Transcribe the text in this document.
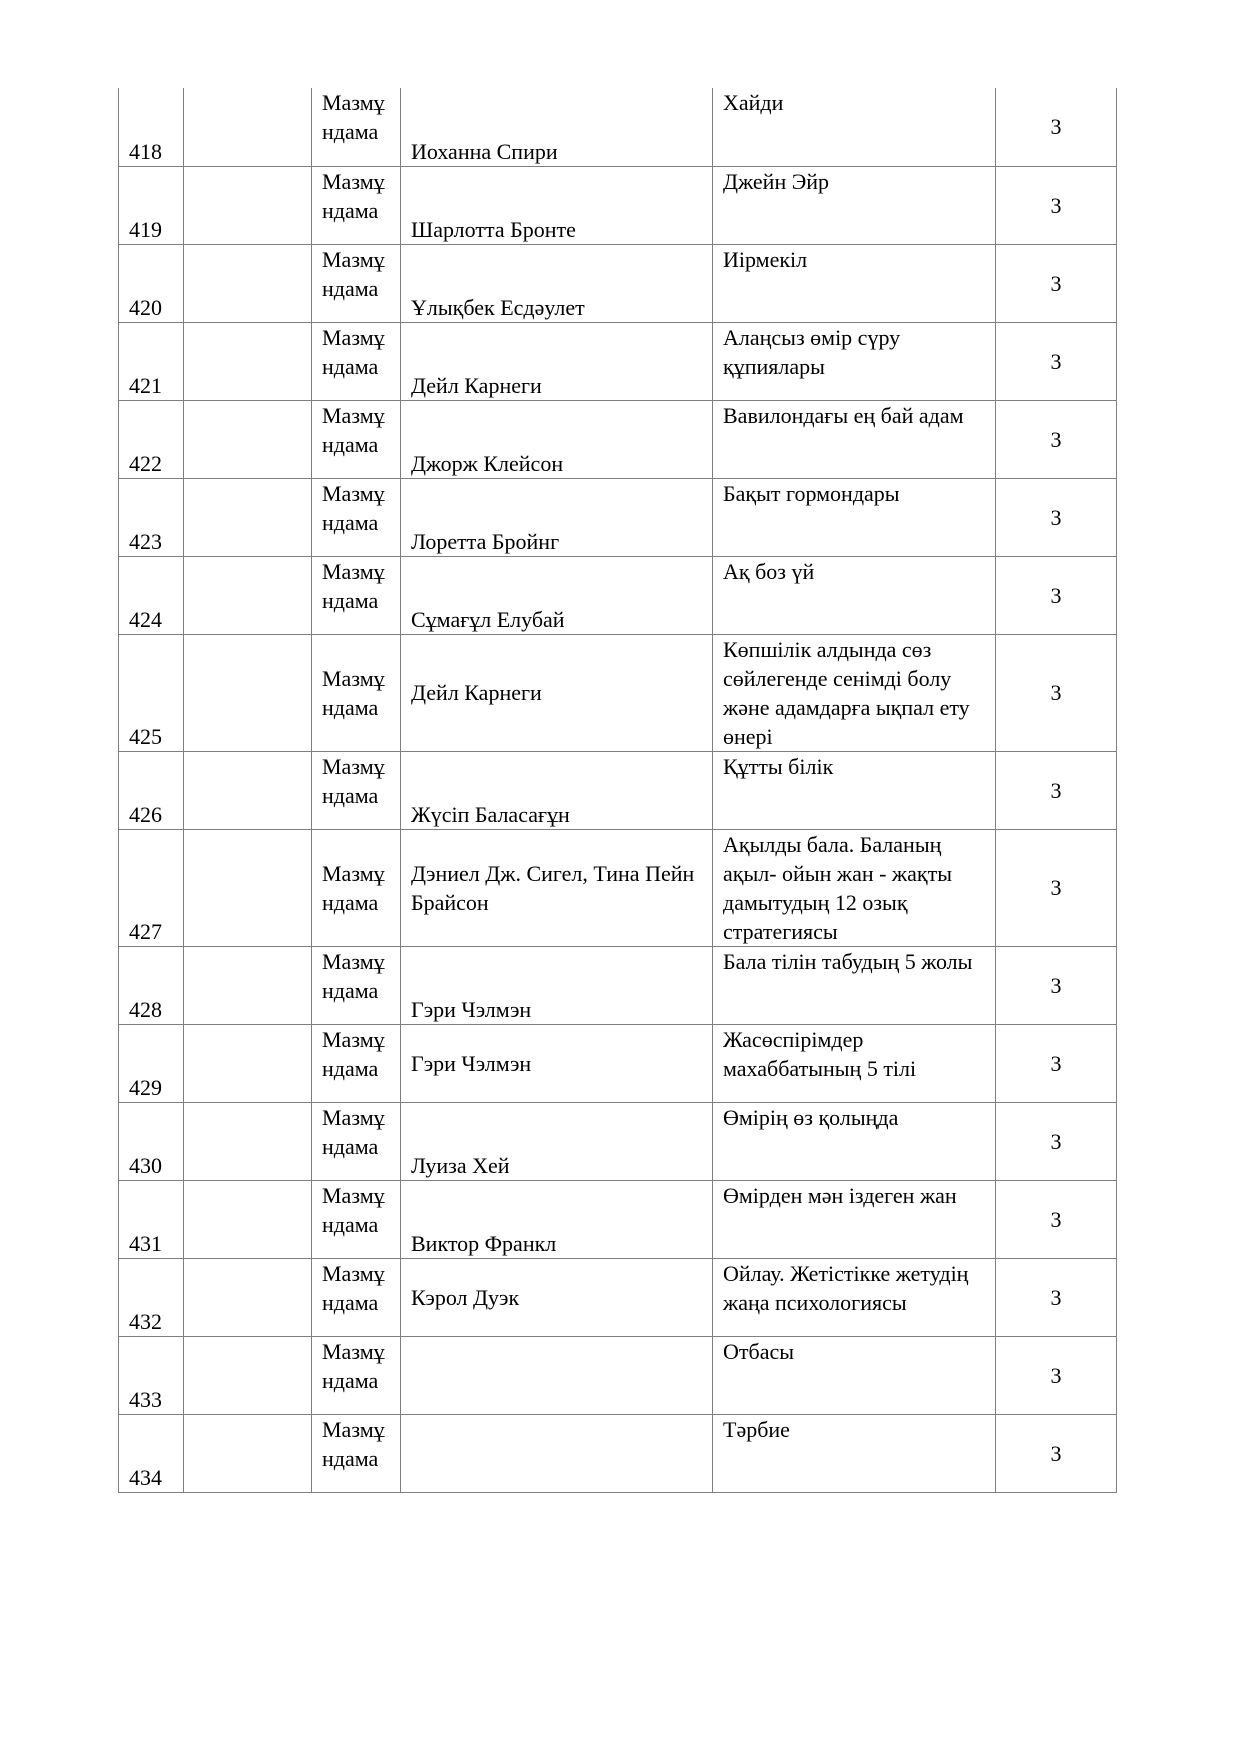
418		Мазмұндама	Иоханна Спири	Хайди	3
419		Мазмұндама	Шарлотта Бронте	Джейн Эйр	3
420		Мазмұндама	Ұлықбек Есдәулет	Иірмекіл	3
421		Мазмұндама	Дейл Карнеги	Алаңсыз өмір сүру құпиялары	3
422		Мазмұндама	Джорж Клейсон	Вавилондағы ең бай адам	3
423		Мазмұндама	Лоретта Бройнг	Бақыт гормондары	3
424		Мазмұндама	Сұмағұл Елубай	Ақ боз үй	3
425		Мазмұндама	Дейл Карнеги	Көпшілік алдында сөз сөйлегенде сенімді болу және адамдарға ықпал ету өнері	3
426		Мазмұндама	Жүсіп Баласағұн	Құтты білік	3
427		Мазмұндама	Дэниел Дж. Сигел, Тина Пейн Брайсон	Ақылды бала. Баланың ақыл- ойын жан - жақты дамытудың 12 озық стратегиясы	3
428		Мазмұндама	Гэри Чэлмэн	Бала тілін табудың 5 жолы	3
429		Мазмұндама	Гэри Чэлмэн	Жасөспірімдер махаббатының 5 тілі	3
430		Мазмұндама	Луиза Хей	Өмірің өз қолыңда	3
431		Мазмұндама	Виктор Франкл	Өмірден мән іздеген жан	3
432		Мазмұндама	Кэрол Дуэк	Ойлау. Жетістікке жетудің жаңа психологиясы	3
433		Мазмұндама		Отбасы	3
434		Мазмұндама		Тәрбие	3
